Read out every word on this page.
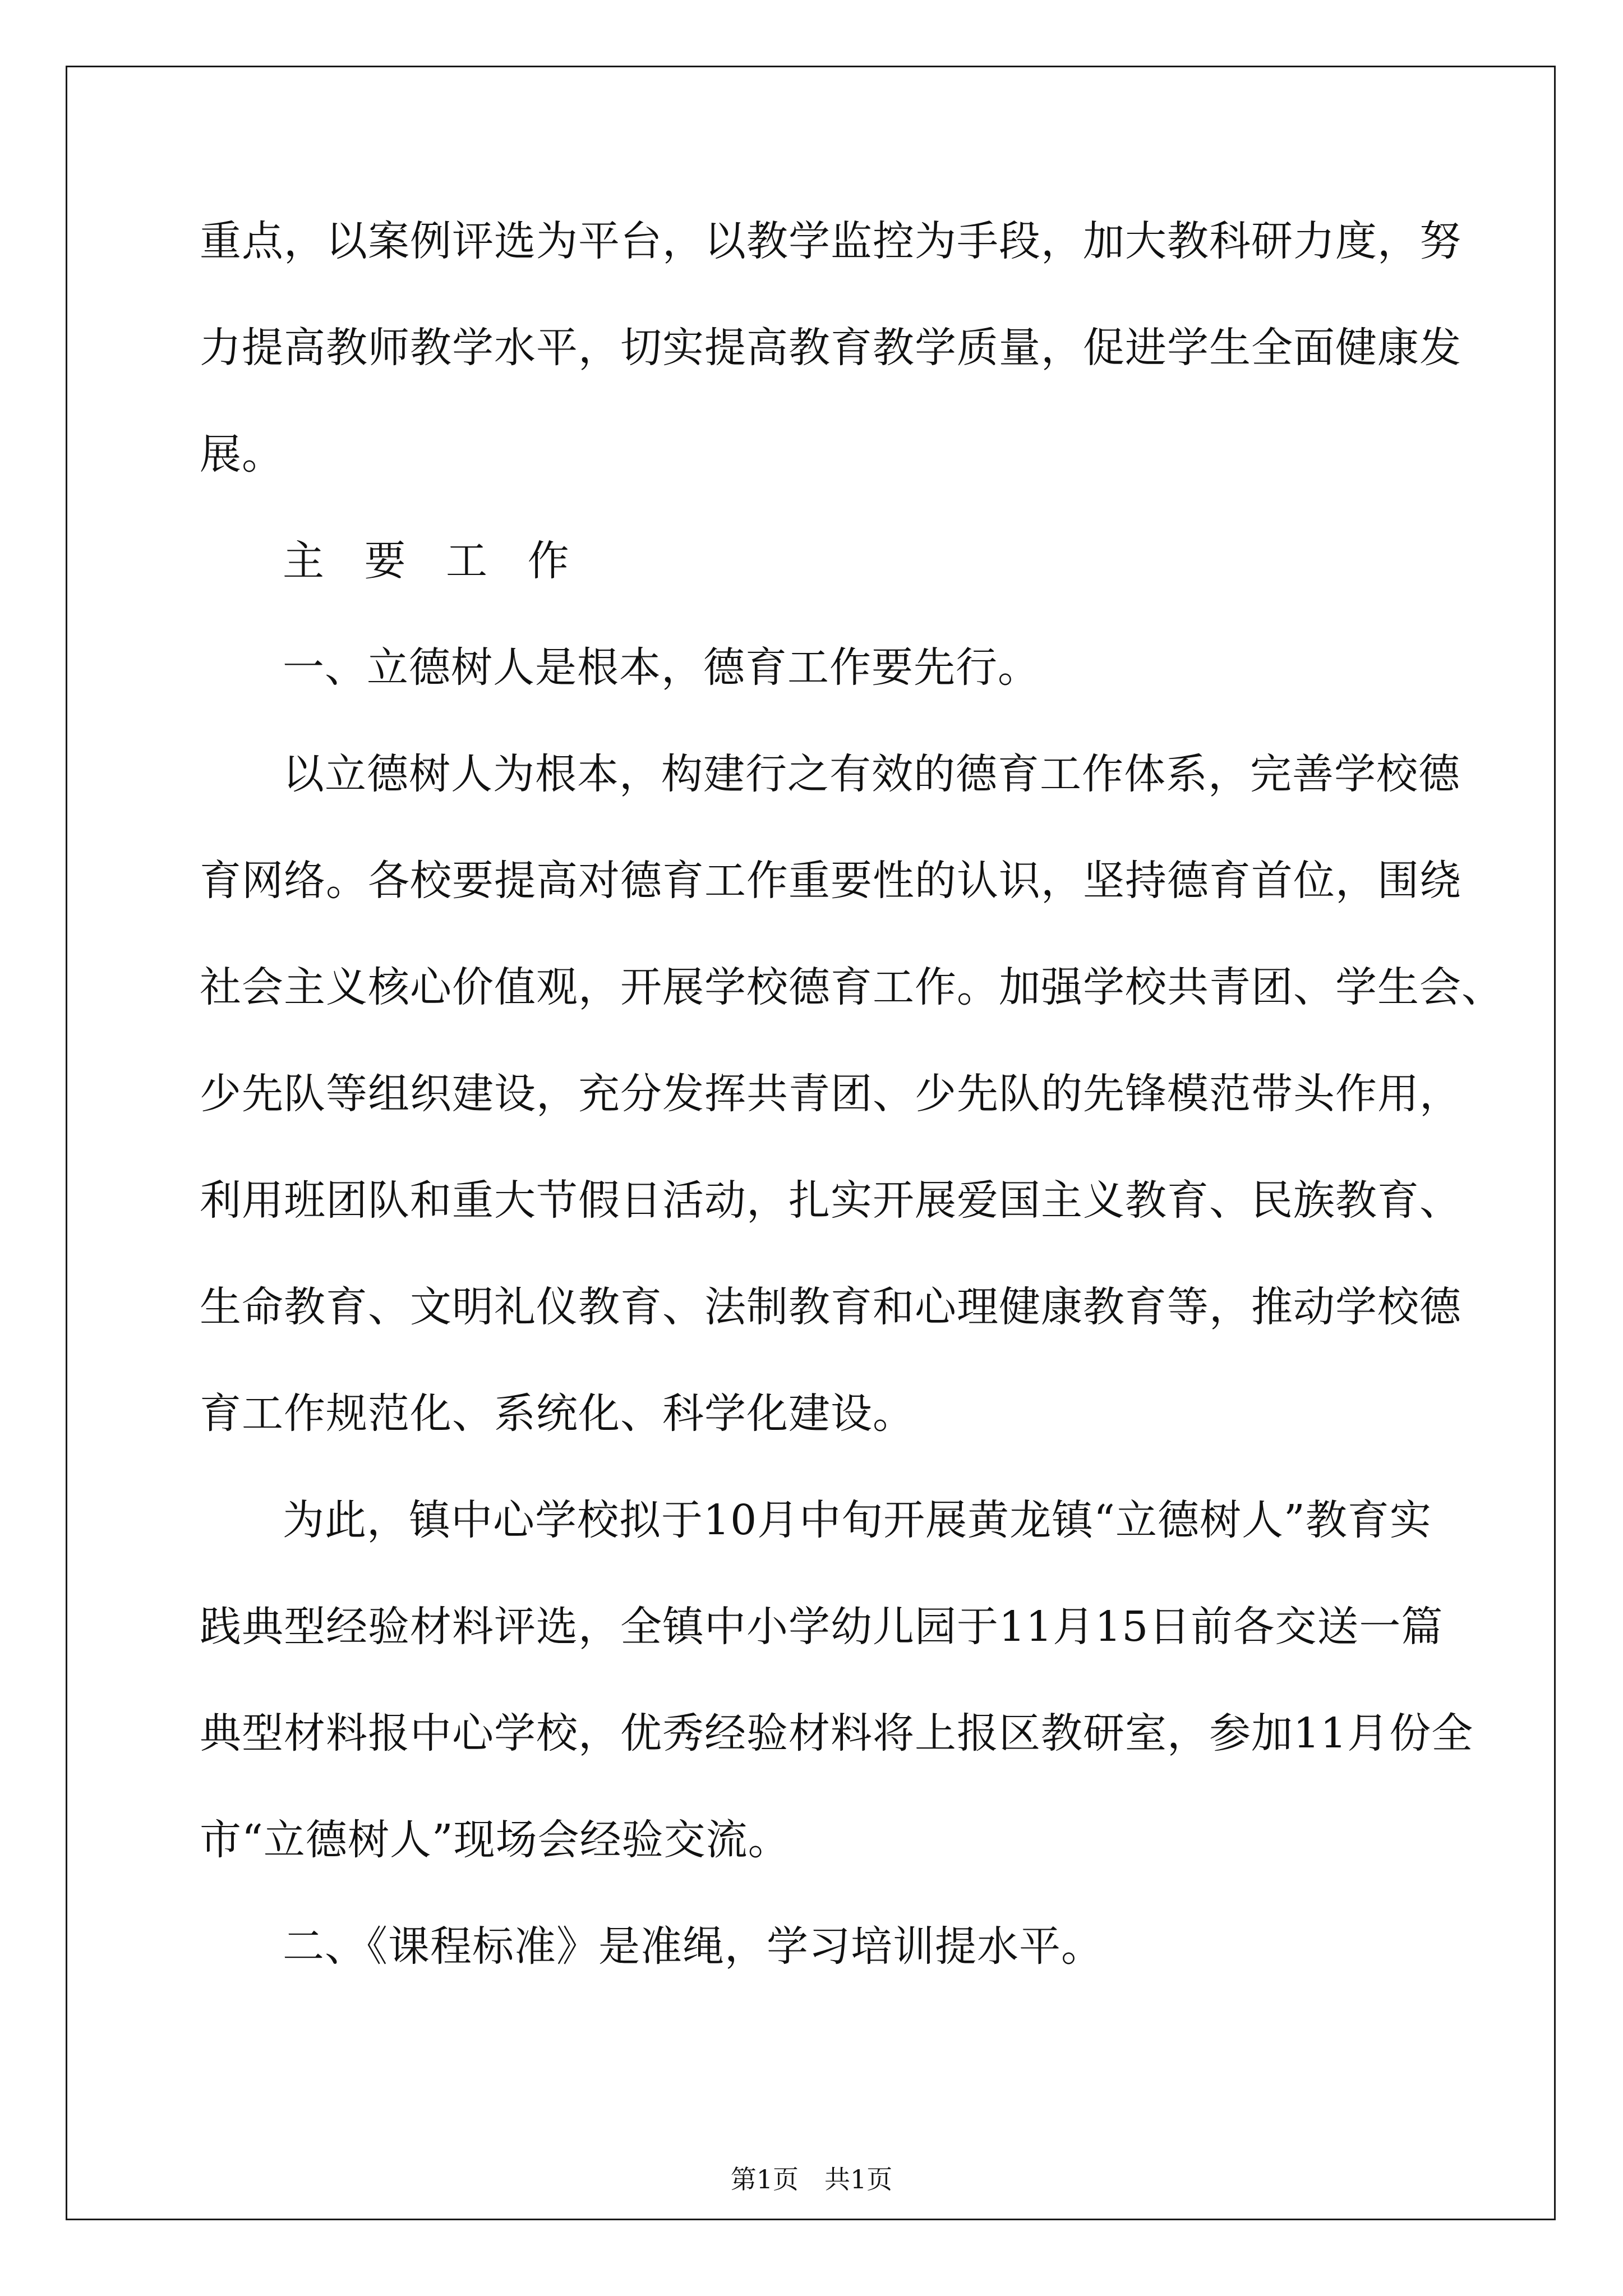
重点，以案例评选为平台，以教学监控为手段，加大教科研力度，努
力提高教师教学水平，切实提高教育教学质量，促进学生全面健康发
展。
主 要 工 作
一、立德树人是根本，德育工作要先行。
以立德树人为根本，构建行之有效的德育工作体系，完善学校德
育网络。各校要提高对德育工作重要性的认识，坚持德育首位，围绕
社会主义核心价值观，开展学校德育工作。加强学校共青团、学生会、
少先队等组织建设，充分发挥共青团、少先队的先锋模范带头作用，
利用班团队和重大节假日活动，扎实开展爱国主义教育、民族教育、
生命教育、文明礼仪教育、法制教育和心理健康教育等，推动学校德
育工作规范化、系统化、科学化建设。
为此，镇中心学校拟于10月中旬开展黄龙镇“立德树人”教育实
践典型经验材料评选，全镇中小学幼儿园于11月15日前各交送一篇
典型材料报中心学校，优秀经验材料将上报区教研室，参加11月份全
市“立德树人”现场会经验交流。
二、《课程标准》是准绳，学习培训提水平。
第1页　共1页
